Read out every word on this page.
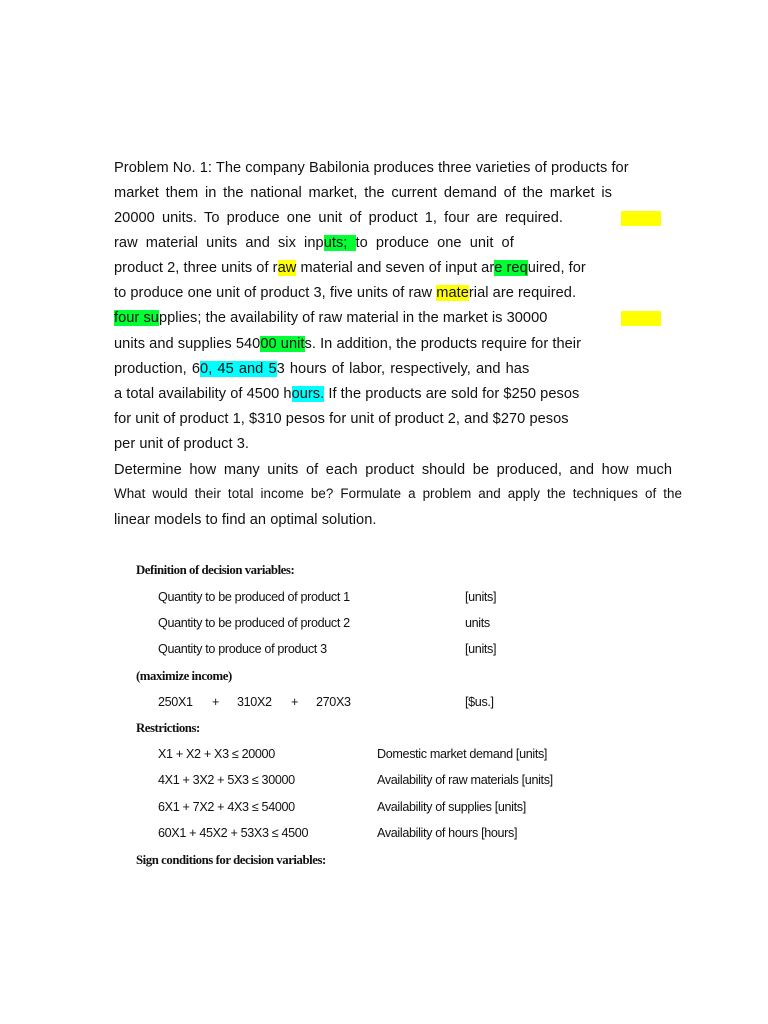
Problem No. 1: The company Babilonia produces three varieties of products for
market them in the national market, the current demand of the market is
20000 units. To produce one unit of product 1, four are required.
raw material units and six inputs; to produce one unit of
product 2, three units of raw material and seven of input are required, for
to produce one unit of product 3, five units of raw material are required.
four supplies; the availability of raw material in the market is 30000
units and supplies 54000 units. In addition, the products require for their
production, 60, 45 and 53 hours of labor, respectively, and has
a total availability of 4500 hours. If the products are sold for $250 pesos
for unit of product 1, $310 pesos for unit of product 2, and $270 pesos
per unit of product 3.
Determine how many units of each product should be produced, and how much
What would their total income be? Formulate a problem and apply the techniques of the
linear models to find an optimal solution.
Definition of decision variables:
Quantity to be produced of product 1	[units]
Quantity to be produced of product 2	units
Quantity to produce of product 3	[units]
(maximize income)
250X1 + 310X2 + 270X3	[$us.]
Restrictions:
X1 + X2 + X3 ≤ 20000	Domestic market demand [units]
4X1 + 3X2 + 5X3 ≤ 30000	Availability of raw materials [units]
6X1 + 7X2 + 4X3 ≤ 54000	Availability of supplies [units]
60X1 + 45X2 + 53X3 ≤ 4500	Availability of hours [hours]
Sign conditions for decision variables:
